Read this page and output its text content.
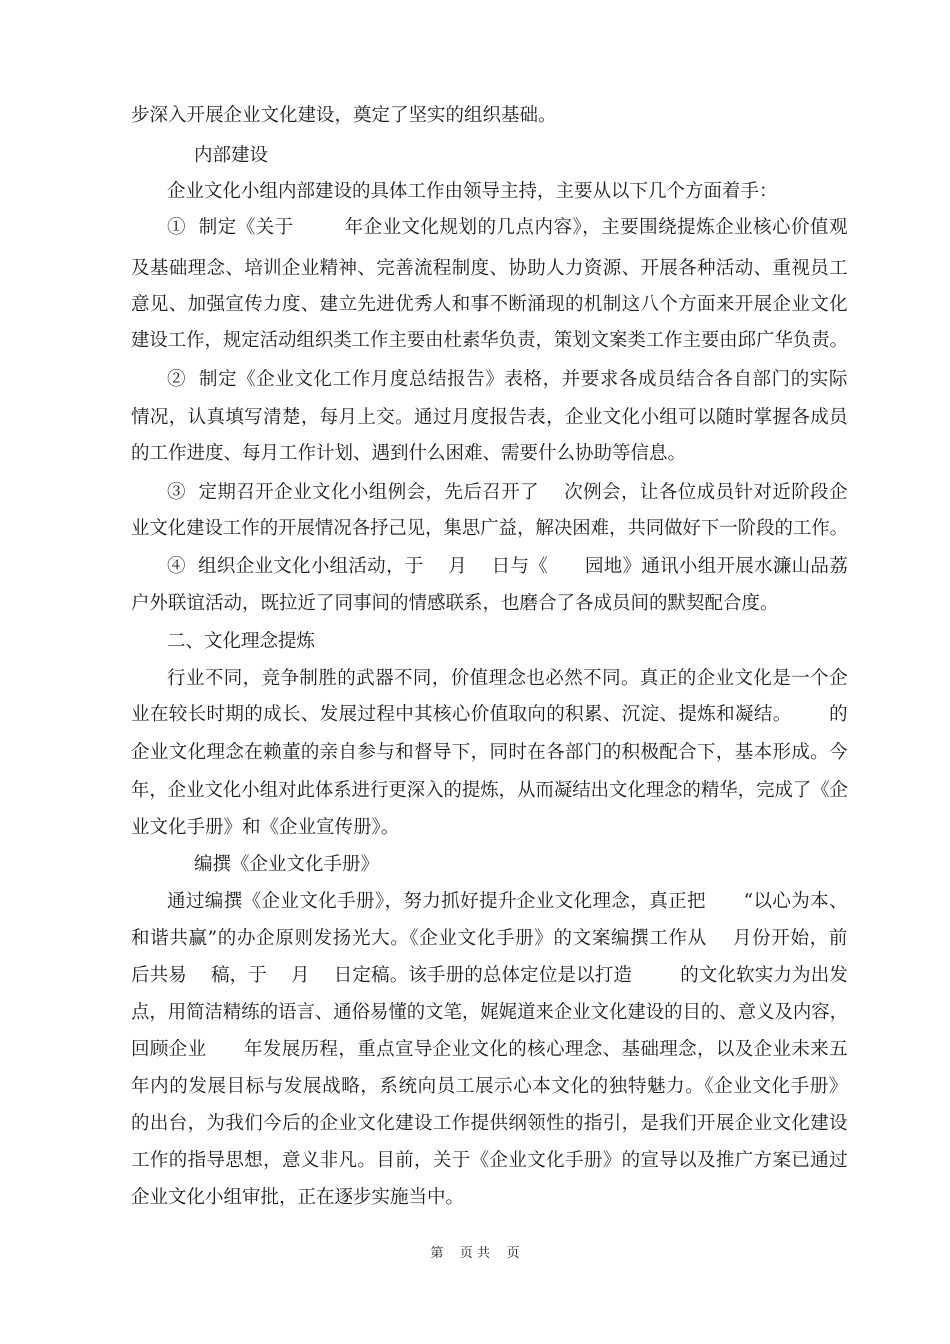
步深入开展企业文化建设，奠定了坚实的组织基础。
内部建设
企业文化小组内部建设的具体工作由领导主持，主要从以下几个方面着手：
①  制定《关于        年企业文化规划的几点内容》，主要围绕提炼企业核心价值观
及基础理念、培训企业精神、完善流程制度、协助人力资源、开展各种活动、重视员工
意见、加强宣传力度、建立先进优秀人和事不断涌现的机制这八个方面来开展企业文化
建设工作，规定活动组织类工作主要由杜素华负责，策划文案类工作主要由邱广华负责。
②  制定《企业文化工作月度总结报告》表格，并要求各成员结合各自部门的实际
情况，认真填写清楚，每月上交。通过月度报告表，企业文化小组可以随时掌握各成员
的工作进度、每月工作计划、遇到什么困难、需要什么协助等信息。
③  定期召开企业文化小组例会，先后召开了    次例会，让各位成员针对近阶段企
业文化建设工作的开展情况各抒己见，集思广益，解决困难，共同做好下一阶段的工作。
④  组织企业文化小组活动，于    月    日与《      园地》通讯小组开展水濂山品荔
户外联谊活动，既拉近了同事间的情感联系，也磨合了各成员间的默契配合度。
二、文化理念提炼
行业不同，竞争制胜的武器不同，价值理念也必然不同。真正的企业文化是一个企
业在较长时期的成长、发展过程中其核心价值取向的积累、沉淀、提炼和凝结。      的
企业文化理念在赖董的亲自参与和督导下，同时在各部门的积极配合下，基本形成。今
年，企业文化小组对此体系进行更深入的提炼，从而凝结出文化理念的精华，完成了《企
业文化手册》和《企业宣传册》。
编撰《企业文化手册》
通过编撰《企业文化手册》，努力抓好提升企业文化理念，真正把      “以心为本、
和谐共赢”的办企原则发扬光大。《企业文化手册》的文案编撰工作从    月份开始，前
后共易    稿，于    月    日定稿。该手册的总体定位是以打造        的文化软实力为出发
点，用简洁精练的语言、通俗易懂的文笔，娓娓道来企业文化建设的目的、意义及内容，
回顾企业      年发展历程，重点宣导企业文化的核心理念、基础理念，以及企业未来五
年内的发展目标与发展战略，系统向员工展示心本文化的独特魅力。《企业文化手册》
的出台，为我们今后的企业文化建设工作提供纲领性的指引，是我们开展企业文化建设
工作的指导思想，意义非凡。目前，关于《企业文化手册》的宣导以及推广方案已通过
企业文化小组审批，正在逐步实施当中。
第    页 共    页
